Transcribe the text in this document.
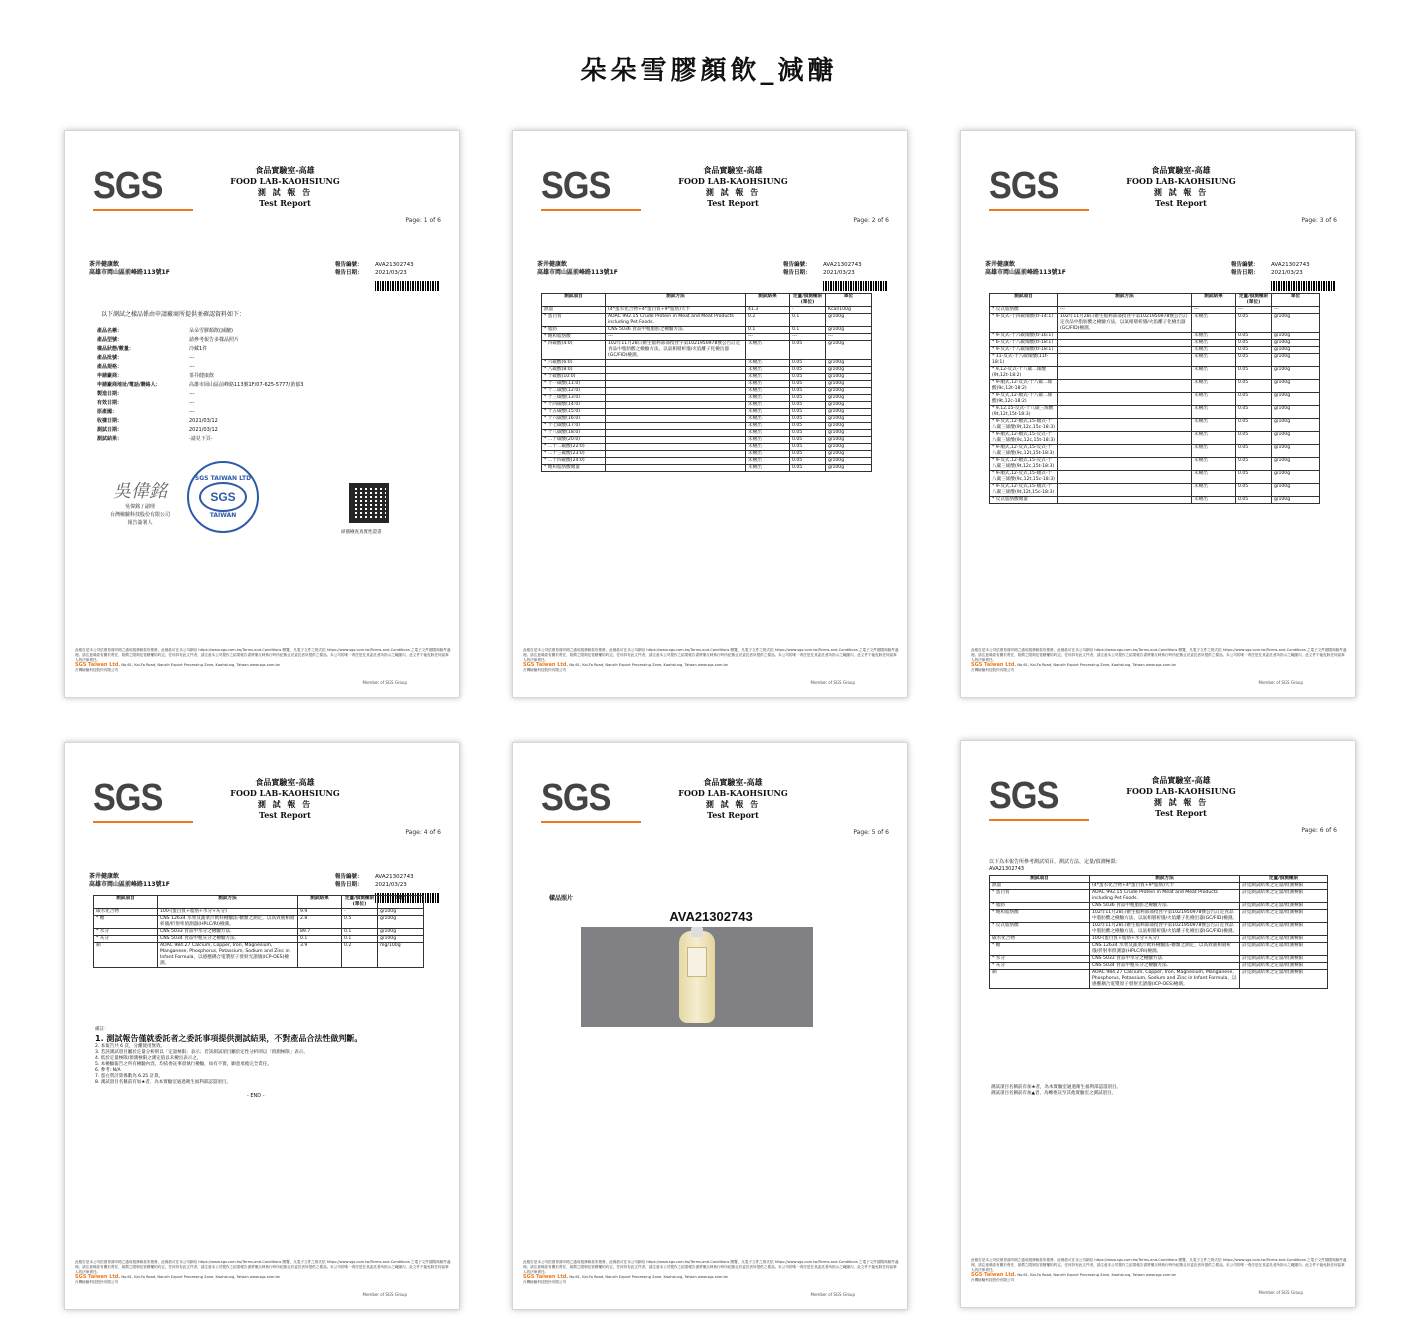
朵朵雪膠顏飲_減醣
SGS	食品實驗室-高雄
FOOD LAB-KAOHSIUNG
測 試 報 告
Test Report
Page: 1 of 6
茶井健康飲
高雄市岡山區前峰路113號1F
報告編號： AVA21302743
報告日期： 2021/03/23
以下測試之樣品係由申請廠商所提供並確認資料如下：
產品名稱：	朵朵雪膠顏飲(減醣)
產品型號：	請參考報告多樣品照片
樣品狀態/數量：	冷藏1件
產品批號：	---
產品規格：	---
申請廠商：	茶井健康飲
申請廠商地址/電話/聯絡人：	高雄市岡山區前峰路113號1F/07-625-5777/黃郁3
製造日期：	---
有效日期：	---
原產國：	---
收樣日期：	2021/03/12
測試日期：	2021/03/12
測試結果：	-請見下頁-
吳偉銘
吳偉銘 / 副理
台灣檢驗科技股份有限公司
報告簽署人
SGS TAIWAN LTD
SGS
TAIWAN
掃描檢查真實性證書
此報告是本公司依照背面印刷之通用服務條款所簽發，此條款可在本公司網站 https://www.sgs.com.tw/Terms-and-Conditions 閱覽，凡電子文件之格式依 https://www.sgs.com.tw/Terms-and-Conditions 之電子文件期限與條件處理。請注意條款有關於責任、賠償之限制及管轄權的約定。任何持有此文件者，請注意本公司製作之結果報告書將僅反映執行時所紀錄且於委託者所提供之樣品。本公司的唯一責任是在其委託者所指示之範圍內，此文件不能免除任何當事人的法律責任。
SGS Taiwan Ltd. No.61, Kai-Fa Road, Nanzih Export Processing Zone, Kaohsiung, Taiwan www.sgs.com.tw
台灣檢驗科技股份有限公司
Member of SGS Group
SGS	食品實驗室-高雄
FOOD LAB-KAOHSIUNG
測 試 報 告
Test Report
Page: 2 of 6
茶井健康飲
高雄市岡山區前峰路113號1F
報告編號： AVA21302743
報告日期： 2021/03/23
測試項目	測試方法	測試結果	定量/偵測極限(單位)	單位
熱量	(4*蛋水化合物+4*蛋白質+9*脂肪)大卡	41.3	-	Kcal/100g
* 蛋白質	AOAC 992.15 Crude Protein in Meat and Meat Products including Pet Foods.	0.2	0.1	g/100g
* 脂肪	CNS 5036 食品中粗脂肪之檢驗方法.	0.1	0.1	g/100g
* 飽和脂肪酸	---	---	---	---
* 四碳酸(4:0)	102年11月28日衛生福利部部授食字第1021950978號公告訂定食品中脂肪酸之檢驗方法，以氣相層析儀/火焰離子化檢出器(GC/FID)檢測。	未檢出	0.05	g/100g
* 六碳酸(6:0)		未檢出	0.05	g/100g
* 八碳酸(8:0)		未檢出	0.05	g/100g
* 十碳酸(10:0)		未檢出	0.05	g/100g
* 十一碳酸(11:0)		未檢出	0.05	g/100g
* 十二碳酸(12:0)		未檢出	0.05	g/100g
* 十三碳酸(13:0)		未檢出	0.05	g/100g
* 十四碳酸(14:0)		未檢出	0.05	g/100g
* 十五碳酸(15:0)		未檢出	0.05	g/100g
* 十六碳酸(16:0)		未檢出	0.05	g/100g
* 十七碳酸(17:0)		未檢出	0.05	g/100g
* 十八碳酸(18:0)		未檢出	0.05	g/100g
* 二十碳酸(20:0)		未檢出	0.05	g/100g
* 二十二碳酸(22:0)		未檢出	0.05	g/100g
* 二十三碳酸(23:0)		未檢出	0.05	g/100g
* 二十四碳酸(24:0)		未檢出	0.05	g/100g
* 飽和脂肪酸總量		未檢出	0.05	g/100g
此報告是本公司依照背面印刷之通用服務條款所簽發，此條款可在本公司網站 https://www.sgs.com.tw/Terms-and-Conditions 閱覽，凡電子文件之格式依 https://www.sgs.com.tw/Terms-and-Conditions 之電子文件期限與條件處理。請注意條款有關於責任、賠償之限制及管轄權的約定。任何持有此文件者，請注意本公司製作之結果報告書將僅反映執行時所紀錄且於委託者所提供之樣品。本公司的唯一責任是在其委託者所指示之範圍內，此文件不能免除任何當事人的法律責任。
SGS Taiwan Ltd. No.61, Kai-Fa Road, Nanzih Export Processing Zone, Kaohsiung, Taiwan www.sgs.com.tw
台灣檢驗科技股份有限公司
Member of SGS Group
SGS	食品實驗室-高雄
FOOD LAB-KAOHSIUNG
測 試 報 告
Test Report
Page: 3 of 6
茶井健康飲
高雄市岡山區前峰路113號1F
報告編號： AVA21302743
報告日期： 2021/03/23
測試項目	測試方法	測試結果	定量/偵測極限(單位)	單位
* 反式脂肪酸	---	---	---	---
* 9-反式-十四碳烯酸(tr-14:1)	102年11月28日衛生福利部部授食字第1021950978號公告訂定食品中脂肪酸之檢驗方法，以氣相層析儀/火焰離子化檢出器(GC/FID)檢測。	未檢出	0.05	g/100g
* 9-反式-十六碳烯酸(tr-16:1)		未檢出	0.05	g/100g
* 6-反式-十八碳烯酸(tr-18:1)		未檢出	0.05	g/100g
* 9-反式-十八碳烯酸(tr-18:1)		未檢出	0.05	g/100g
* 11-反式-十八碳烯酸(11t-18:1)		未檢出	0.05	g/100g
* 9,12-反式-十八碳二烯酸(9t,12t-18:2)		未檢出	0.05	g/100g
* 9-順式,12-反式-十八碳二烯酸(9c,12t-18:2)		未檢出	0.05	g/100g
* 9-反式,12-順式-十八碳二烯酸(9t,12c-18:2)		未檢出	0.05	g/100g
* 9,12,15-反式-十八碳三烯酸(9t,12t,15t-18:3)		未檢出	0.05	g/100g
* 9-反式,12-順式,15-順式-十八碳三烯酸(9t,12c,15c-18:3)		未檢出	0.05	g/100g
* 9-順式,12-順式,15-反式-十八碳三烯酸(9c,12c,15t-18:3)		未檢出	0.05	g/100g
* 9-順式,12-反式,15-反式-十八碳三烯酸(9c,12t,15t-18:3)		未檢出	0.05	g/100g
* 9-反式,12-順式,15-反式-十八碳三烯酸(9t,12c,15t-18:3)		未檢出	0.05	g/100g
* 9-順式,12-反式,15-順式-十八碳三烯酸(9c,12t,15c-18:3)		未檢出	0.05	g/100g
* 9-反式,12-反式,15-順式-十八碳三烯酸(9t,12t,15c-18:3)		未檢出	0.05	g/100g
* 反式脂肪酸總量		未檢出	0.05	g/100g
此報告是本公司依照背面印刷之通用服務條款所簽發，此條款可在本公司網站 https://www.sgs.com.tw/Terms-and-Conditions 閱覽，凡電子文件之格式依 https://www.sgs.com.tw/Terms-and-Conditions 之電子文件期限與條件處理。請注意條款有關於責任、賠償之限制及管轄權的約定。任何持有此文件者，請注意本公司製作之結果報告書將僅反映執行時所紀錄且於委託者所提供之樣品。本公司的唯一責任是在其委託者所指示之範圍內，此文件不能免除任何當事人的法律責任。
SGS Taiwan Ltd. No.61, Kai-Fa Road, Nanzih Export Processing Zone, Kaohsiung, Taiwan www.sgs.com.tw
台灣檢驗科技股份有限公司
Member of SGS Group
SGS	食品實驗室-高雄
FOOD LAB-KAOHSIUNG
測 試 報 告
Test Report
Page: 4 of 6
茶井健康飲
高雄市岡山區前峰路113號1F
報告編號： AVA21302743
報告日期： 2021/03/23
測試項目	測試方法	測試結果	定量/偵測極限(單位)	單位
碳水化合物	100-(蛋白質+脂肪+水分+灰分)	9.9	-	g/100g
* 糖	CNS 12634 水果及蔬菜汁飲料檢驗法-糖類之測定，以高效液相層析儀/折射率偵測器(HPLC/RI)檢測。	2.8	0.5	g/100g
* 水分	CNS 5033 食品中水分之檢驗方法.	89.7	0.1	g/100g
* 灰分	CNS 5034 食品中粗灰分之檢驗方法.	0.1	0.1	g/100g
鈉	AOAC 984.27 Calcium, Copper, Iron, Magnesium, Manganese, Phosphorus, Potassium, Sodium and Zinc in Infant Formula，以感應耦合電漿原子發射光譜儀(ICP-OES)檢測。	3.9	0.2	mg/100g
備註：
1. 測試報告僅就委託者之委託事項提供測試結果，不對產品合法性做判斷。
2. 本報告共 6 頁，分離使用無效。
3. 若該測試項目屬於定量分析則以「定量極限」表示；若該測試項目屬於定性分析則以「偵測極限」表示。
4. 低於定量極限/偵測極限之測定值以未檢出表示之。
5. 本檢驗報告之所有檢驗內容，均依委託事項執行檢驗，如有不實，願意承擔完全責任。
6. 參考: N/A
7. 蛋白質計算係數為 6.25 計算。
8. 測試項目名稱前有加★者，為本實驗室通過衛生福利部認證項目。
- END -
此報告是本公司依照背面印刷之通用服務條款所簽發，此條款可在本公司網站 https://www.sgs.com.tw/Terms-and-Conditions 閱覽，凡電子文件之格式依 https://www.sgs.com.tw/Terms-and-Conditions 之電子文件期限與條件處理。請注意條款有關於責任、賠償之限制及管轄權的約定。任何持有此文件者，請注意本公司製作之結果報告書將僅反映執行時所紀錄且於委託者所提供之樣品。本公司的唯一責任是在其委託者所指示之範圍內，此文件不能免除任何當事人的法律責任。
SGS Taiwan Ltd. No.61, Kai-Fa Road, Nanzih Export Processing Zone, Kaohsiung, Taiwan www.sgs.com.tw
台灣檢驗科技股份有限公司
Member of SGS Group
SGS	食品實驗室-高雄
FOOD LAB-KAOHSIUNG
測 試 報 告
Test Report
Page: 5 of 6
樣品照片
AVA21302743
此報告是本公司依照背面印刷之通用服務條款所簽發，此條款可在本公司網站 https://www.sgs.com.tw/Terms-and-Conditions 閱覽，凡電子文件之格式依 https://www.sgs.com.tw/Terms-and-Conditions 之電子文件期限與條件處理。請注意條款有關於責任、賠償之限制及管轄權的約定。任何持有此文件者，請注意本公司製作之結果報告書將僅反映執行時所紀錄且於委託者所提供之樣品。本公司的唯一責任是在其委託者所指示之範圍內，此文件不能免除任何當事人的法律責任。
SGS Taiwan Ltd. No.61, Kai-Fa Road, Nanzih Export Processing Zone, Kaohsiung, Taiwan www.sgs.com.tw
台灣檢驗科技股份有限公司
Member of SGS Group
SGS	食品實驗室-高雄
FOOD LAB-KAOHSIUNG
測 試 報 告
Test Report
Page: 6 of 6
以下為本報告所參考測試項目、測試方法、定量/偵測極限：
AVA21302743
測試項目	測試方法	定量/偵測極限
熱量	(4*蛋水化合物+4*蛋白質+9*脂肪)大卡	詳見測試結果之定量/偵測極限
* 蛋白質	AOAC 992.15 Crude Protein in Meat and Meat Products including Pet Foods.	詳見測試結果之定量/偵測極限
* 脂肪	CNS 5036 食品中粗脂肪之檢驗方法.	詳見測試結果之定量/偵測極限
* 飽和脂肪酸	102年11月28日衛生福利部部授食字第1021950978號公告訂定食品中脂肪酸之檢驗方法，以氣相層析儀/火焰離子化檢出器(GC/FID)檢測。	詳見測試結果之定量/偵測極限
* 反式脂肪酸	102年11月28日衛生福利部部授食字第1021950978號公告訂定食品中脂肪酸之檢驗方法，以氣相層析儀/火焰離子化檢出器(GC/FID)檢測。	詳見測試結果之定量/偵測極限
碳水化合物	100-(蛋白質+脂肪+水分+灰分)	詳見測試結果之定量/偵測極限
* 糖	CNS 12634 水果及蔬菜汁飲料檢驗法-糖類之測定，以高效液相層析儀/折射率偵測器(HPLC/RI)檢測。	詳見測試結果之定量/偵測極限
* 水分	CNS 5033 食品中水分之檢驗方法.	詳見測試結果之定量/偵測極限
* 灰分	CNS 5034 食品中粗灰分之檢驗方法.	詳見測試結果之定量/偵測極限
鈉	AOAC 984.27 Calcium, Copper, Iron, Magnesium, Manganese, Phosphorus, Potassium, Sodium and Zinc in Infant Formula，以感應耦合電漿原子發射光譜儀(ICP-OES)檢測。	詳見測試結果之定量/偵測極限
測試項目名稱前有加★者，為本實驗室通過衛生福利部認證項目。
測試項目名稱前有加▲者，為轉委託至其他實驗室之測試項目。
此報告是本公司依照背面印刷之通用服務條款所簽發，此條款可在本公司網站 https://www.sgs.com.tw/Terms-and-Conditions 閱覽，凡電子文件之格式依 https://www.sgs.com.tw/Terms-and-Conditions 之電子文件期限與條件處理。請注意條款有關於責任、賠償之限制及管轄權的約定。任何持有此文件者，請注意本公司製作之結果報告書將僅反映執行時所紀錄且於委託者所提供之樣品。本公司的唯一責任是在其委託者所指示之範圍內，此文件不能免除任何當事人的法律責任。
SGS Taiwan Ltd. No.61, Kai-Fa Road, Nanzih Export Processing Zone, Kaohsiung, Taiwan www.sgs.com.tw
台灣檢驗科技股份有限公司
Member of SGS Group
